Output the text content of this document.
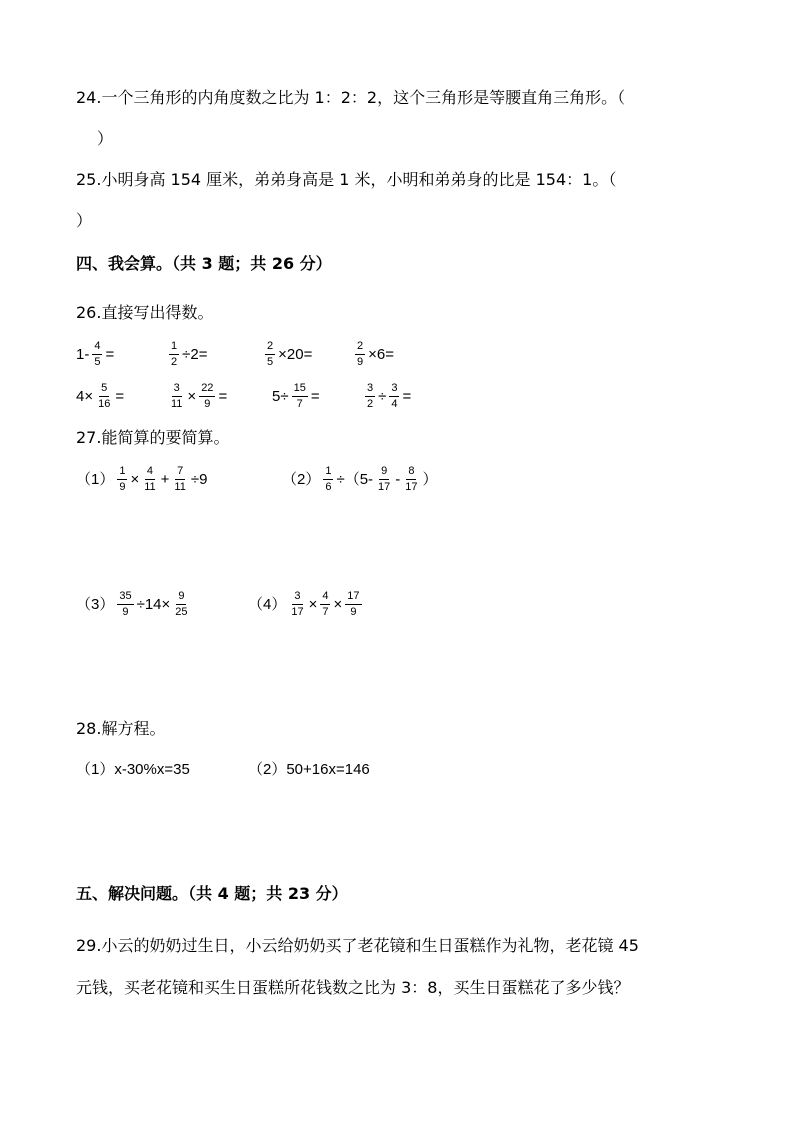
24.一个三角形的内角度数之比为 1：2：2，这个三角形是等腰直角三角形。（
）
25.小明身高 154 厘米，弟弟身高是 1 米，小明和弟弟身的比是 154：1。（
）
四、我会算。（共 3 题；共 26 分）
26.直接写出得数。
$1- \frac{4}{5}$ =	$\frac{1}{2} \div 2=$	$\frac{2}{5} \times 20=$	$\frac{2}{9} \times 6=$
$4\times \frac{5}{16}$ =	$\frac{3}{11} \times \frac{22}{9}$ =	$5\div \frac{15}{7}$ =	$\frac{3}{2} \div \frac{3}{4}$ =
27.能简算的要简算。
$(1) \frac{1}{9} \times \frac{4}{11} + \frac{7}{11} \div 9$	$(2) \frac{1}{6} \div(5- \frac{9}{17} - \frac{8}{17}$ ）
$(3) \frac{35}{9} \div 14\times \frac{9}{25}$	$(4) \frac{3}{17} \times \frac{4}{7} \times \frac{17}{9}$
28.解方程。
（1）x-30%x=35	（2）50+16x=146
五、解决问题。（共 4 题；共 23 分）
29.小云的奶奶过生日，小云给奶奶买了老花镜和生日蛋糕作为礼物，老花镜 45
元钱，买老花镜和买生日蛋糕所花钱数之比为 3：8，买生日蛋糕花了多少钱？
